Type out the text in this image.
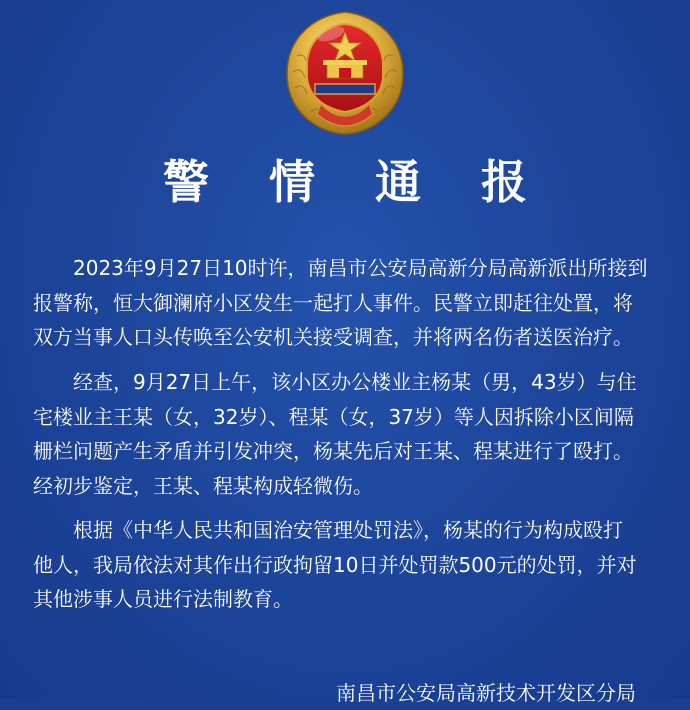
警 情 通 报
2023年9月27日10时许，南昌市公安局高新分局高新派出所接到
报警称，恒大御澜府小区发生一起打人事件。民警立即赶往处置，将
双方当事人口头传唤至公安机关接受调查，并将两名伤者送医治疗。
经查，9月27日上午，该小区办公楼业主杨某（男，43岁）与住
宅楼业主王某（女，32岁）、程某（女，37岁）等人因拆除小区间隔
栅栏问题产生矛盾并引发冲突，杨某先后对王某、程某进行了殴打。
经初步鉴定，王某、程某构成轻微伤。
根据《中华人民共和国治安管理处罚法》，杨某的行为构成殴打
他人，我局依法对其作出行政拘留10日并处罚款500元的处罚，并对
其他涉事人员进行法制教育。
南昌市公安局高新技术开发区分局
